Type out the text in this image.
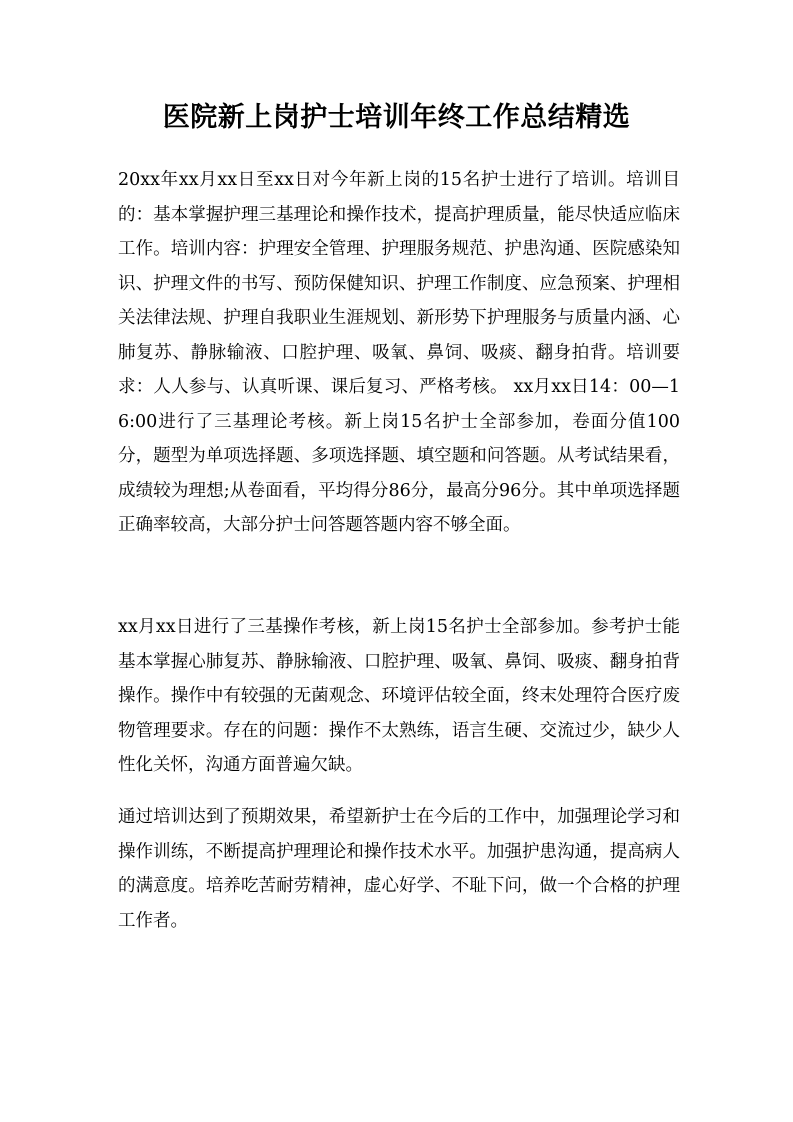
医院新上岗护士培训年终工作总结精选

20xx年xx月xx日至xx日对今年新上岗的15名护士进行了培训。培训目的：基本掌握护理三基理论和操作技术，提高护理质量，能尽快适应临床工作。培训内容：护理安全管理、护理服务规范、护患沟通、医院感染知识、护理文件的书写、预防保健知识、护理工作制度、应急预案、护理相关法律法规、护理自我职业生涯规划、新形势下护理服务与质量内涵、心肺复苏、静脉输液、口腔护理、吸氧、鼻饲、吸痰、翻身拍背。培训要求：人人参与、认真听课、课后复习、严格考核。 xx月xx日14：00—16:00进行了三基理论考核。新上岗15名护士全部参加，卷面分值100分，题型为单项选择题、多项选择题、填空题和问答题。从考试结果看，成绩较为理想;从卷面看，平均得分86分，最高分96分。其中单项选择题正确率较高，大部分护士问答题答题内容不够全面。

xx月xx日进行了三基操作考核，新上岗15名护士全部参加。参考护士能基本掌握心肺复苏、静脉输液、口腔护理、吸氧、鼻饲、吸痰、翻身拍背操作。操作中有较强的无菌观念、环境评估较全面，终末处理符合医疗废物管理要求。存在的问题：操作不太熟练，语言生硬、交流过少，缺少人性化关怀，沟通方面普遍欠缺。

通过培训达到了预期效果，希望新护士在今后的工作中，加强理论学习和操作训练，不断提高护理理论和操作技术水平。加强护患沟通，提高病人的满意度。培养吃苦耐劳精神，虚心好学、不耻下问，做一个合格的护理工作者。
